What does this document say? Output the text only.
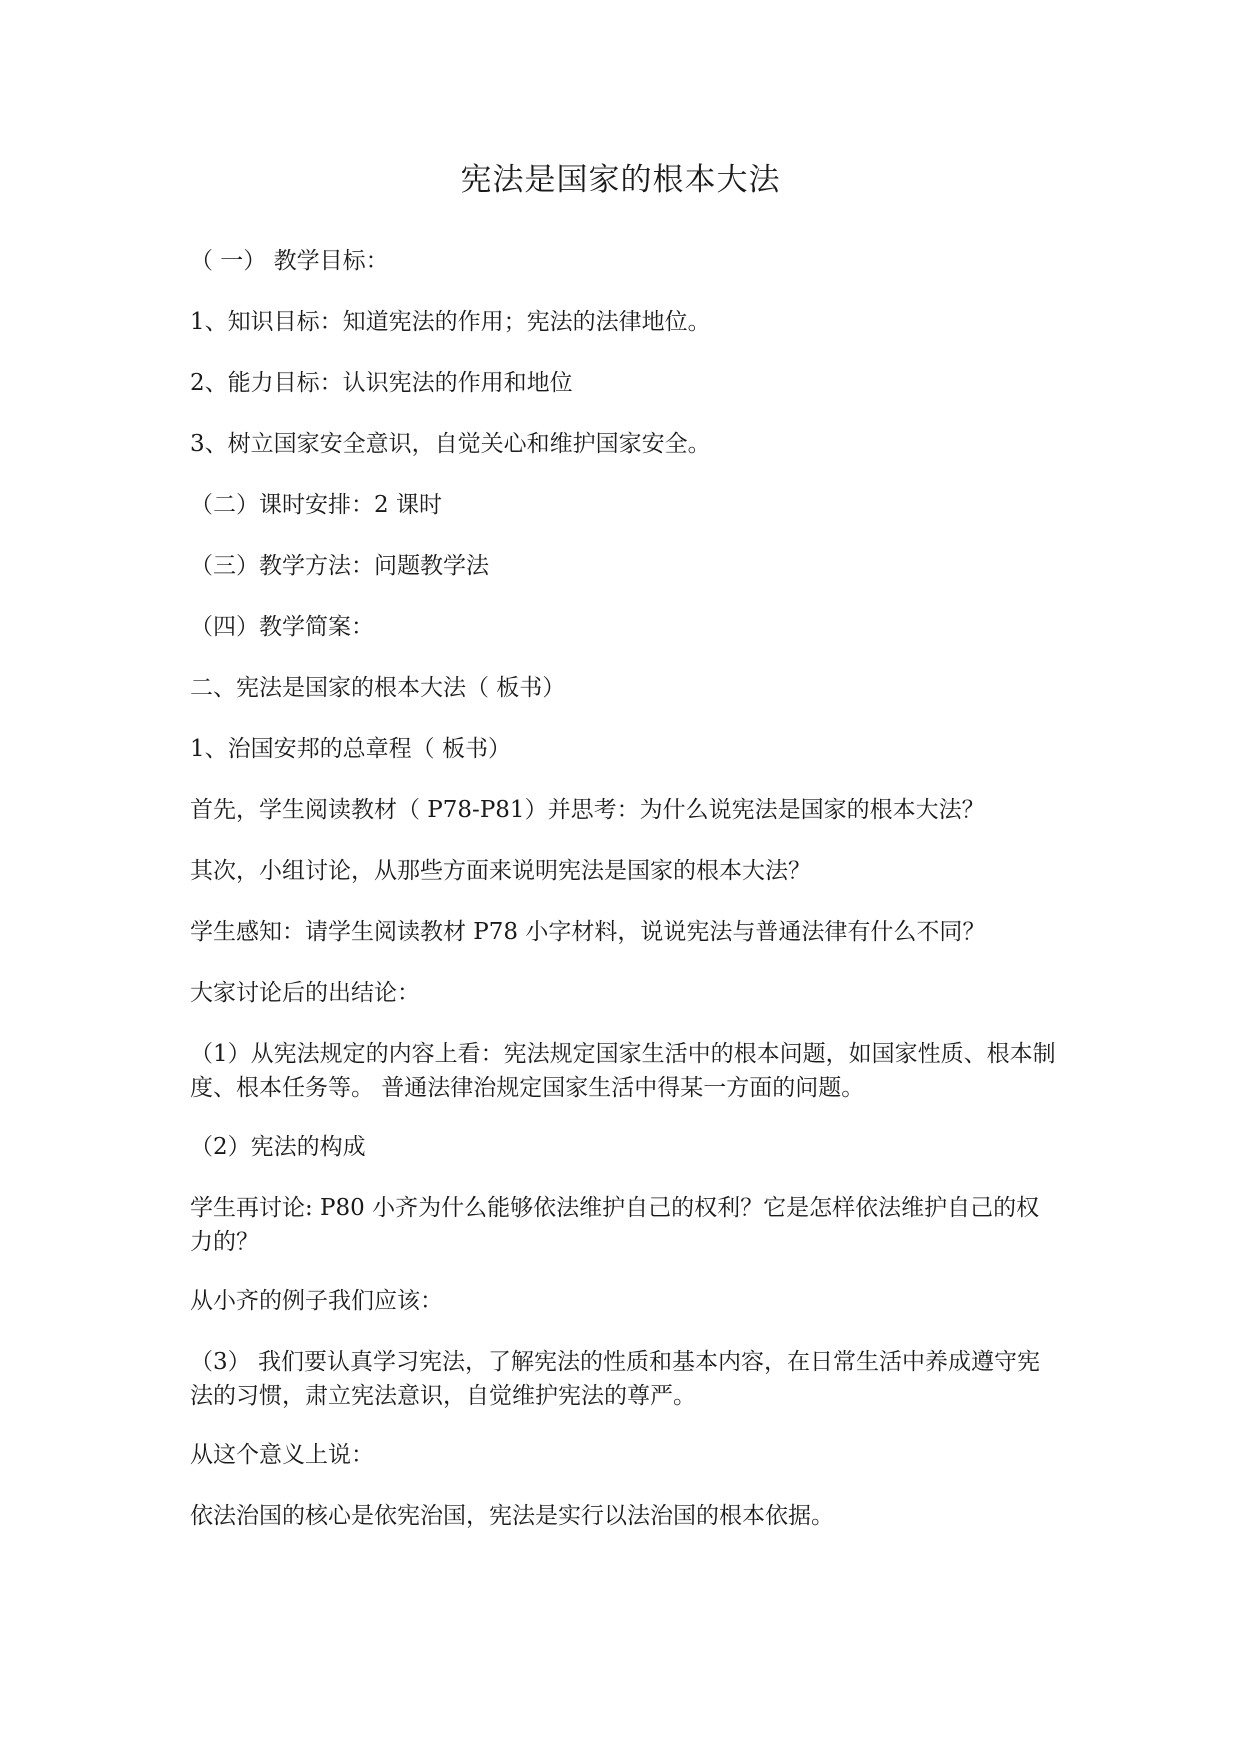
宪法是国家的根本大法
（ 一） 教学目标：
1、知识目标：知道宪法的作用；宪法的法律地位。
2、能力目标：认识宪法的作用和地位
3、树立国家安全意识，自觉关心和维护国家安全。
（二）课时安排：2 课时
（三）教学方法：问题教学法
（四）教学简案：
二、宪法是国家的根本大法（ 板书）
1、治国安邦的总章程（ 板书）
首先，学生阅读教材（ P78-P81）并思考：为什么说宪法是国家的根本大法？
其次，小组讨论，从那些方面来说明宪法是国家的根本大法？
学生感知：请学生阅读教材 P78 小字材料，说说宪法与普通法律有什么不同？
大家讨论后的出结论：
（1）从宪法规定的内容上看：宪法规定国家生活中的根本问题，如国家性质、根本制度、根本任务等。 普通法律治规定国家生活中得某一方面的问题。
（2）宪法的构成
学生再讨论: P80 小齐为什么能够依法维护自己的权利？它是怎样依法维护自己的权力的？
从小齐的例子我们应该：
（3） 我们要认真学习宪法，了解宪法的性质和基本内容，在日常生活中养成遵守宪法的习惯，肃立宪法意识，自觉维护宪法的尊严。
从这个意义上说：
依法治国的核心是依宪治国，宪法是实行以法治国的根本依据。
